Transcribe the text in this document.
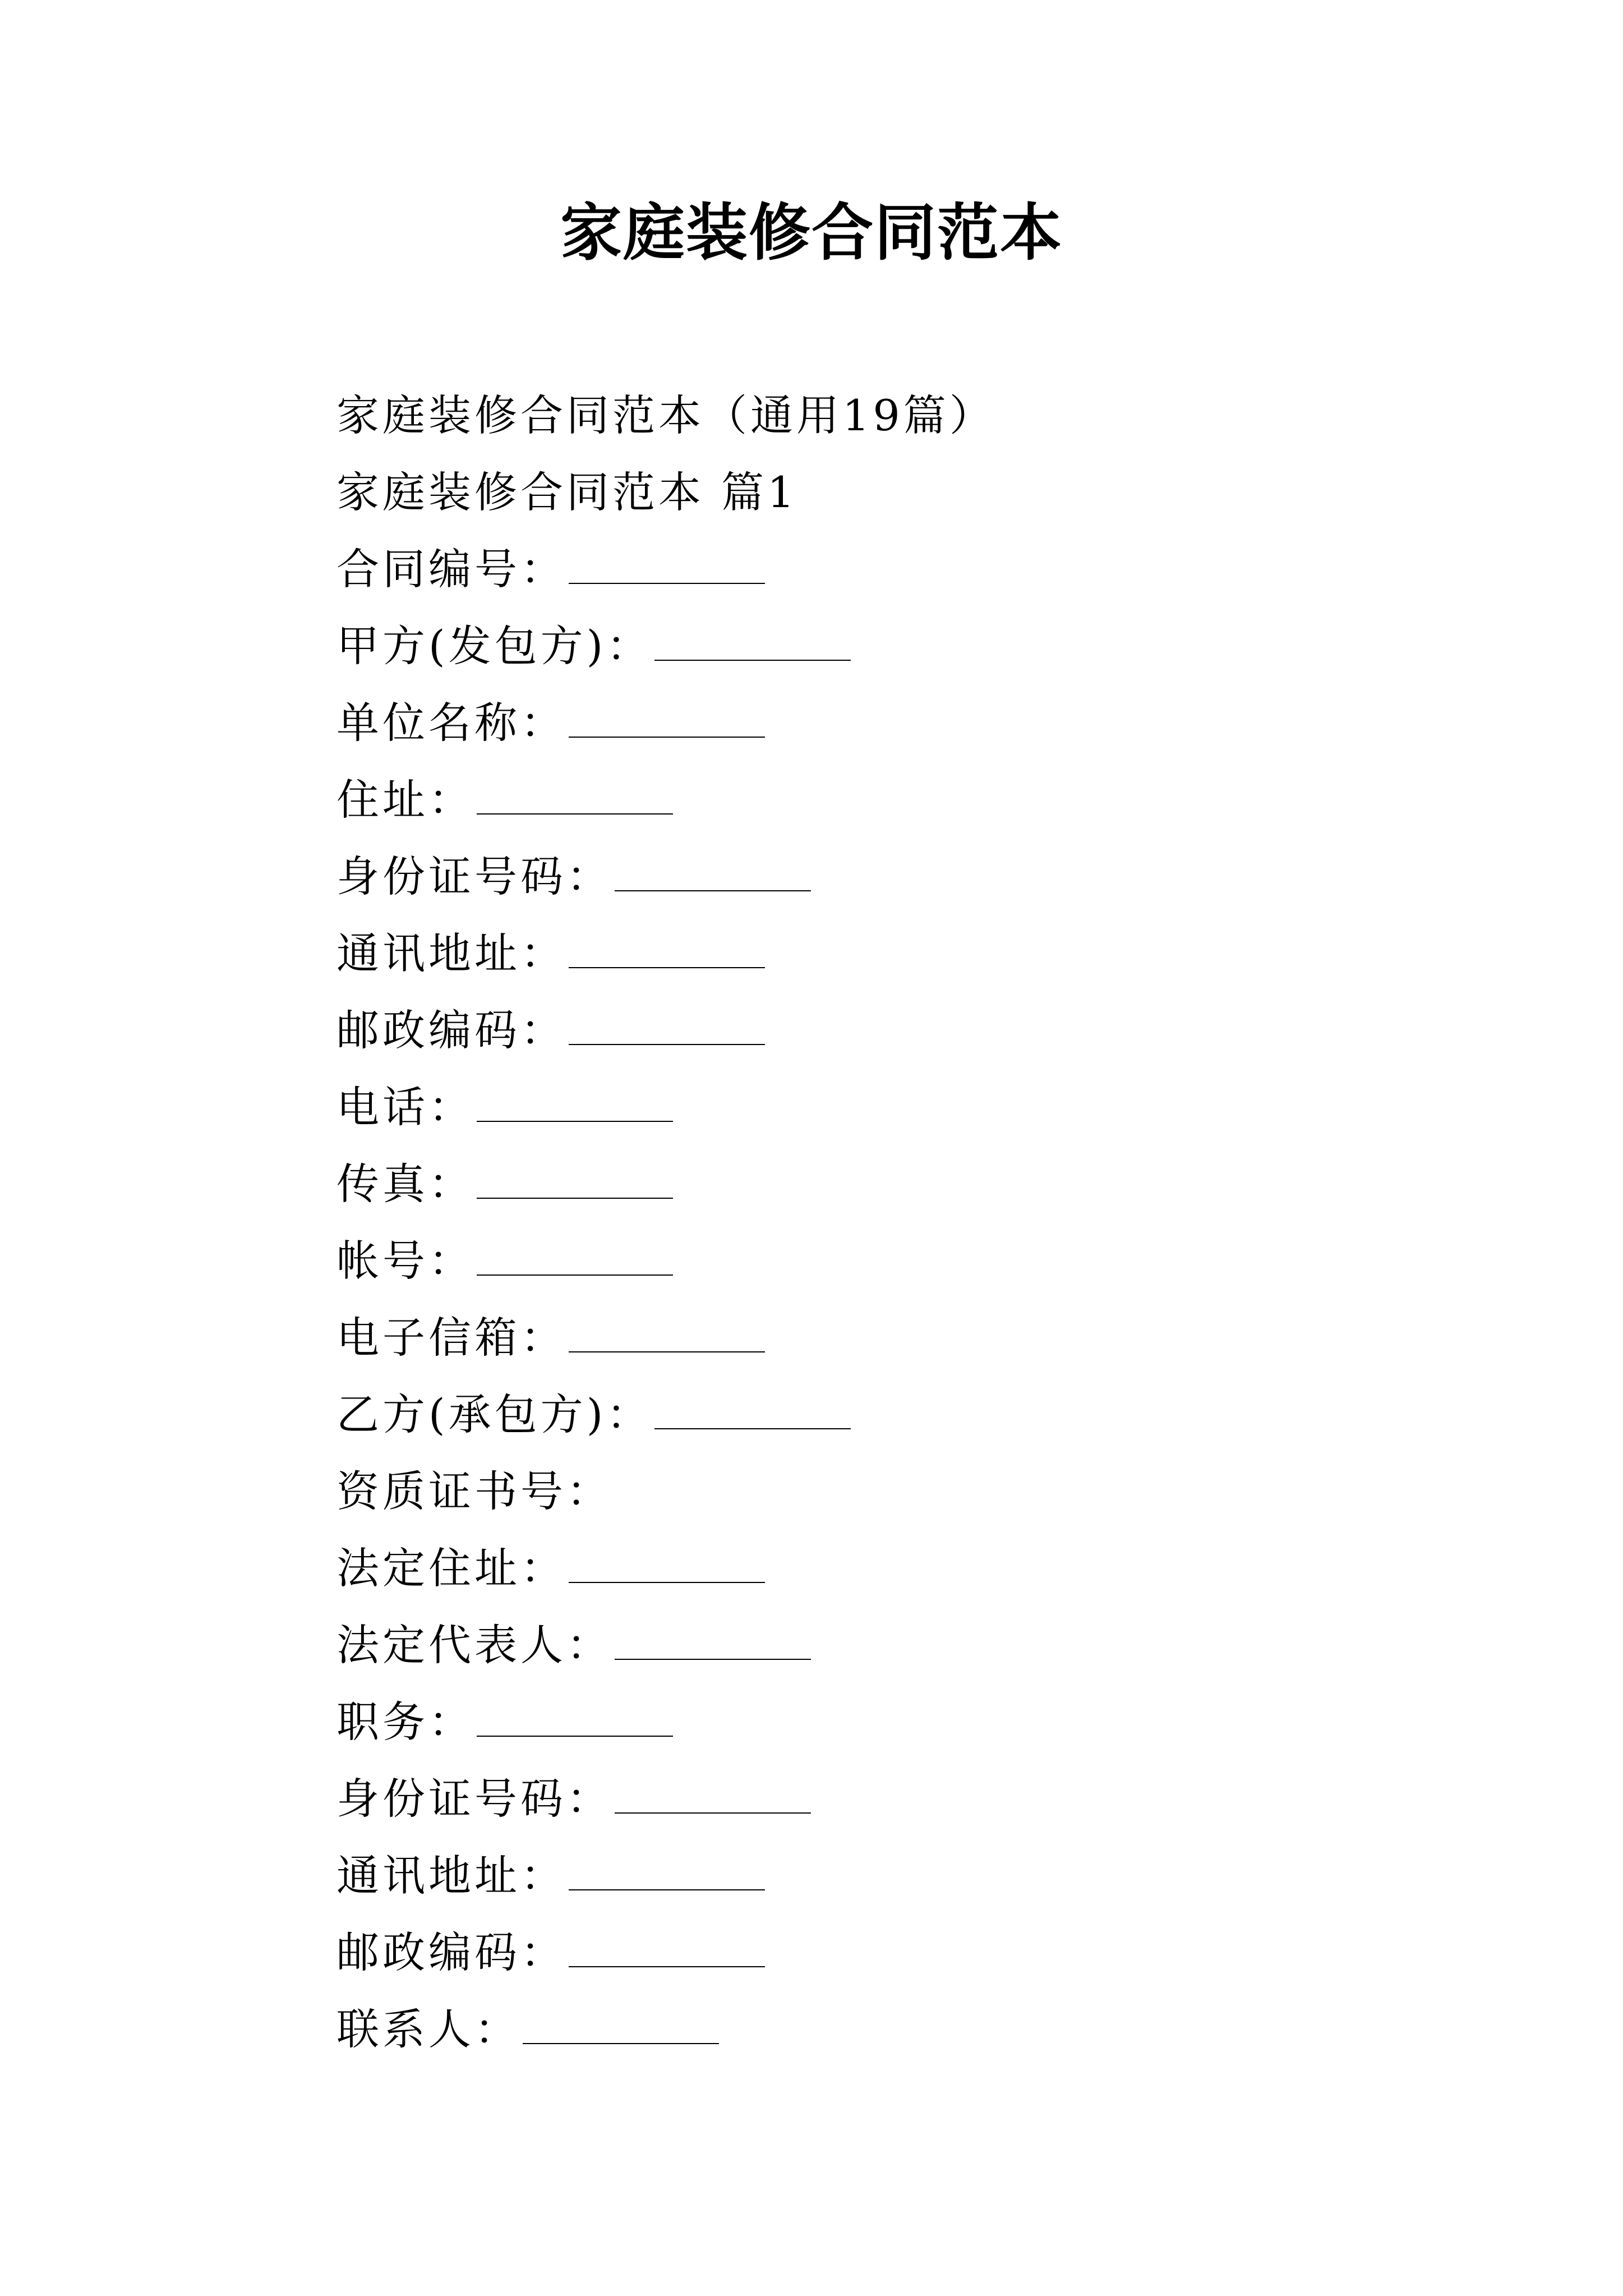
家庭装修合同范本
家庭装修合同范本（通用19篇）
家庭装修合同范本 篇1
合同编号：
甲方(发包方)：
单位名称：
住址：
身份证号码：
通讯地址：
邮政编码：
电话：
传真：
帐号：
电子信箱：
乙方(承包方)：
资质证书号：
法定住址：
法定代表人：
职务：
身份证号码：
通讯地址：
邮政编码：
联系人：
